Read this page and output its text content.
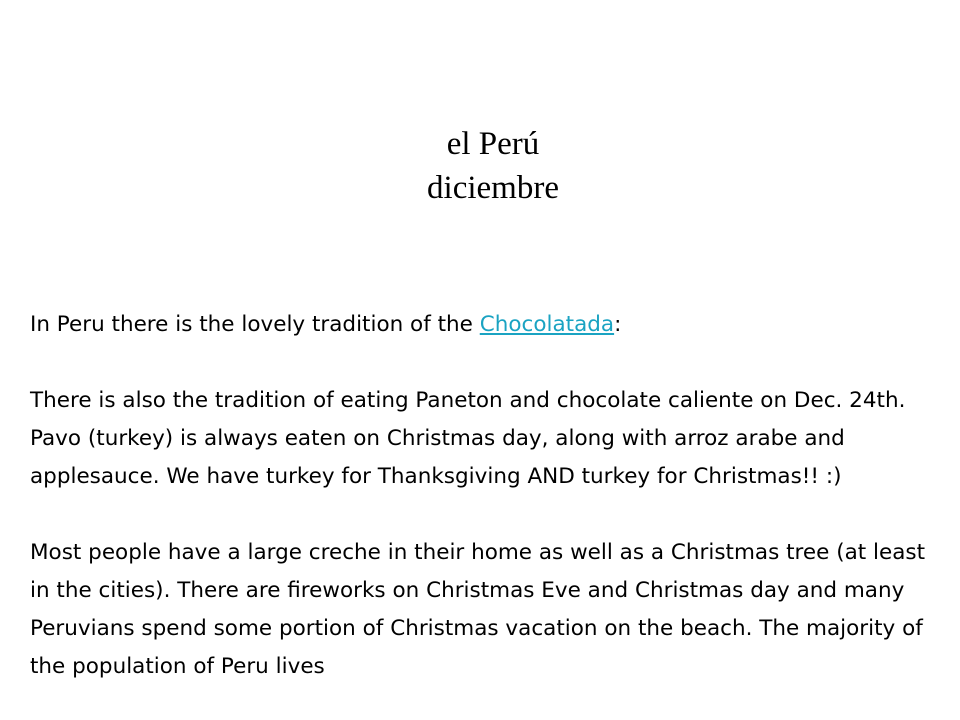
el Perú
diciembre

In Peru there is the lovely tradition of the Chocolatada:

There is also the tradition of eating Paneton and chocolate caliente on Dec. 24th. Pavo (turkey) is always eaten on Christmas day, along with arroz arabe and applesauce. We have turkey for Thanksgiving AND turkey for Christmas!! :)

Most people have a large creche in their home as well as a Christmas tree (at least in the cities). There are fireworks on Christmas Eve and Christmas day and many Peruvians spend some portion of Christmas vacation on the beach. The majority of the population of Peru lives
